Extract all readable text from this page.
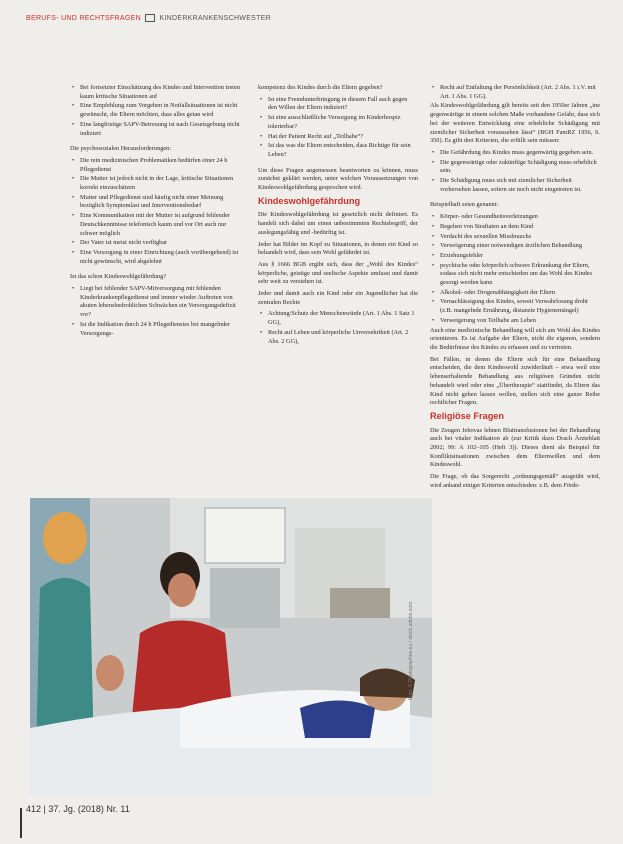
BERUFS- UND RECHTSFRAGEN	KINDERKRANKENSCHWESTER
• Bei fortsetzter Einschätzung des Kindes und Intervention treten kaum kritische Situationen auf
• Eine Empfehlung zum Vorgehen in Notfallsituationen ist nicht gewünscht, die Eltern möchten, dass alles getan wird
• Eine langfristige SAPV-Betreuung ist nach Gesetzgebung nicht indiziert

Die psychosozialen Herausforderungen:

• Die rein medizinischen Problematiken bedürfen einer 24 h Pflegedienst
• Die Mutter ist jedoch nicht in der Lage, kritische Situationen korrekt einzuschätzen
• Mutter und Pflegedienst sind häufig nicht einer Meinung bezüglich Symptomlast und Interventionsbedarf
• Eine Kommunikation mit der Mutter ist aufgrund fehlender Deutschkenntnisse telefonisch kaum und vor Ort auch nur schwer möglich
• Der Vater ist meist nicht verfügbar
• Eine Versorgung in einer Einrichtung (auch vorübergehend) ist nicht gewünscht, wird abgelehnt

Ist das schon Kindeswohlgefährdung?

• Liegt bei fehlender SAPV-Mitversorgung mit fehlenden Kinderkrankenpflegedienst und immer wieder Auftreten von akuten lebensbedrohlichen Schwächen ein Versorgungsdefizit vor?
• Ist die Indikation durch 24 h Pflegedienstes bei mangelnder Versorgungs-

kompetenz des Kindes durch die Eltern gegeben?

• Ist eine Fremdunterbringung in diesem Fall auch gegen den Willen der Eltern indiziert?
• Ist eine ausschließliche Versorgung im Kinderhospiz tolerierbar?
• Hat der Patient Recht auf „Teilhabe“?
• Ist das was die Eltern entscheiden, dass Richtige für sein Leben?

Um diese Fragen angemessen beantworten zu können, muss zunächst geklärt werden, unter welchen Voraussetzungen von Kindeswohlgefährdung gesprochen wird.

Kindeswohlgefährdung

Die Kindeswohlgefährdung ist gesetzlich nicht definiert. Es handelt sich dabei um einen unbestimmten Rechtsbegriff, der auslegungsfähig und -bedürftig ist.

Jeder hat Bilder im Kopf zu Situationen, in denen ein Kind so behandelt wird, dass sein Wohl gefährdet ist.

Aus § 1666 BGB ergibt sich, dass der „Wohl des Kindes“ körperliche, geistige und seelische Aspekte umfasst und damit sehr weit zu verstehen ist.

Jeder und damit auch ein Kind oder ein Jugendlicher hat die zentralen Rechte

• Achtung/Schutz der Menschenwürde (Art. 1 Abs. 1 Satz 1 GG),
• Recht auf Leben und körperliche Unversehrtheit (Art. 2 Abs. 2 GG),
• Recht auf Entfaltung der Persönlichkeit (Art. 2 Abs. 1 i.V. mit Art. 1 Abs. 1 GG).

Als Kindeswohlgefährdung gilt bereits seit den 1950er Jahren „ine gegenwärtige in einem solchen Maße vorhandene Gefahr, dass sich bei der weiteren Entwicklung eine erhebliche Schädigung mit ziemlicher Sicherheit voraussehen lässt“ (BGH FamRZ 1956, S. 350). Es gibt drei Kriterien, die erfüllt sein müssen:

• Die Gefährdung des Kindes muss gegenwärtig gegeben sein.
• Die gegenwärtige oder zukünftige Schädigung muss erheblich sein.
• Die Schädigung muss sich mit ziemlicher Sicherheit vorhersehen lassen, sofern sie noch nicht eingetreten ist.

Beispielhaft seien genannt:

• Körper- oder Gesundheitsverletzungen
• Begehen von Straftaten an dem Kind
• Verdacht des sexuellen Missbrauchs
• Verweigerung einer notwendigen ärztlichen Behandlung
• Erziehungsfehler
• psychische oder körperlich schwere Erkrankung der Eltern, sodass sich nicht mehr entschieden um das Wohl des Kindes gesorgt werden kann
• Alkohol- oder Drogenabhängigkeit der Eltern
• Vernachlässigung des Kindes, soweit Verwahrlosung droht (z.B. mangelnde Ernährung, distanzte Hygienemängel)
• Verweigerung von Teilhabe am Leben

Auch eine medizinische Behandlung will sich am Wohl des Kindes orientieren. Es ist Aufgabe der Eltern, nicht die eigenen, sondern die Bedürfnisse des Kindes zu erfassen und zu vertreten.

Bei Fällen, in denen die Eltern sich für eine Behandlung entscheiden, die dem Kindeswohl zuwiderläuft – etwa weil eine lebenserhaltende Behandlung aus religiösen Gründen nicht behandelt wird oder eine „Übertherapie“ stattfindet, da Eltern das Kind nicht gehen lassen wollen, stellen sich eine ganze Reihe rechtlicher Fragen.

Religiöse Fragen

Die Zeugen Jehovas lehnen Bluttransfusionen bei der Behandlung auch bei vitaler Indikation ab (zur Kritik dazu Drach Ärzteblatt 2002; 99: A 102–105 (Heft 3)). Dieses dient als Beispiel für Konfliktsituationen zwischen dem Elternwillen und dem Kindeswohl.

Die Frage, ob das Sorgerecht „ordnungsgemäß“ ausgeübt wird, wird anhand einiger Kriterien entschieden: z.B. dem Förde-

Foto: © Photographee.eu / stock.adobe.com
412 | 37. Jg. (2018) Nr. 11
